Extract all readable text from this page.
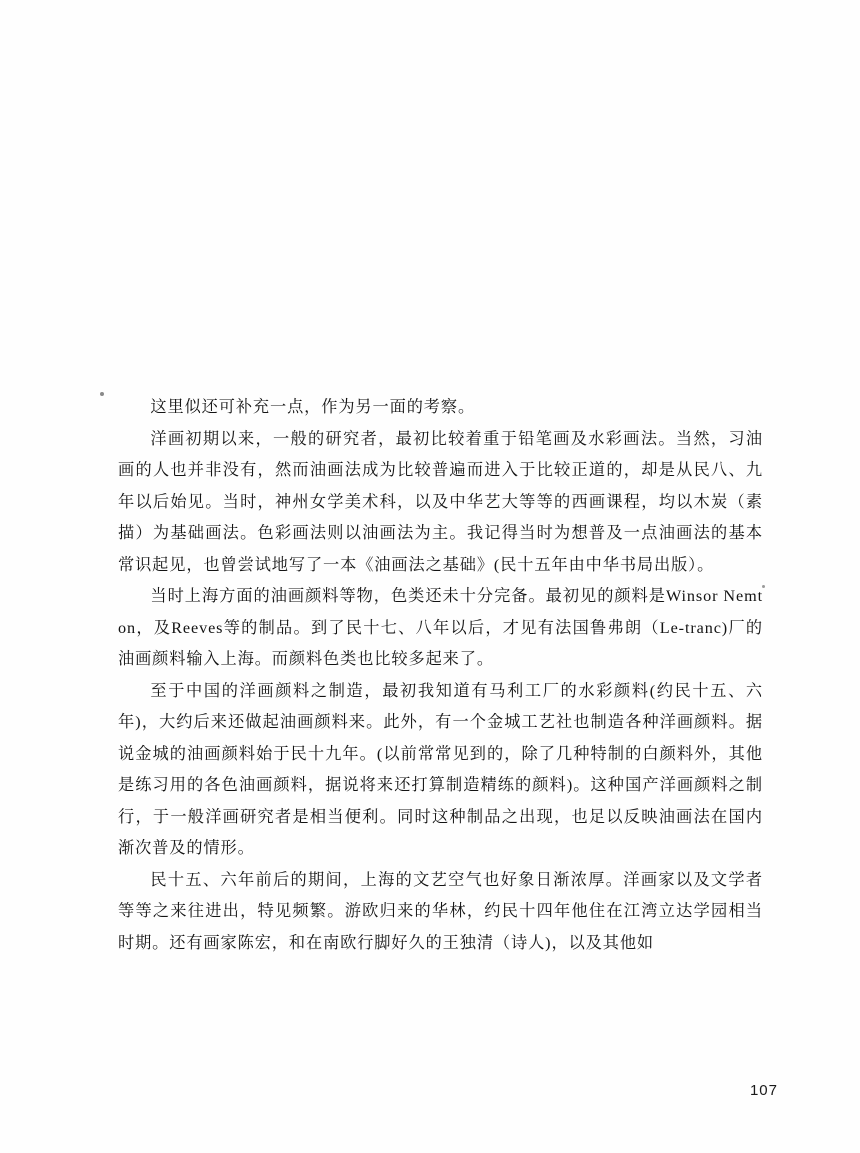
这里似还可补充一点，作为另一面的考察。

洋画初期以来，一般的研究者，最初比较着重于铅笔画及水彩画法。当然，习油画的人也并非没有，然而油画法成为比较普遍而进入于比较正道的，却是从民八、九年以后始见。当时，神州女学美术科，以及中华艺大等等的西画课程，均以木炭（素描）为基础画法。色彩画法则以油画法为主。我记得当时为想普及一点油画法的基本常识起见，也曾尝试地写了一本《油画法之基础》(民十五年由中华书局出版）。

当时上海方面的油画颜料等物，色类还未十分完备。最初见的颜料是Winsor Nemton，及Reeves等的制品。到了民十七、八年以后，才见有法国鲁弗朗（Le-tranc)厂的油画颜料输入上海。而颜料色类也比较多起来了。

至于中国的洋画颜料之制造，最初我知道有马利工厂的水彩颜料(约民十五、六年)，大约后来还做起油画颜料来。此外，有一个金城工艺社也制造各种洋画颜料。据说金城的油画颜料始于民十九年。(以前常常见到的，除了几种特制的白颜料外，其他是练习用的各色油画颜料，据说将来还打算制造精练的颜料)。这种国产洋画颜料之制行，于一般洋画研究者是相当便利。同时这种制品之出现，也足以反映油画法在国内渐次普及的情形。

民十五、六年前后的期间，上海的文艺空气也好象日渐浓厚。洋画家以及文学者等等之来往进出，特见频繁。游欧归来的华林，约民十四年他住在江湾立达学园相当时期。还有画家陈宏，和在南欧行脚好久的王独清（诗人)，以及其他如

107
